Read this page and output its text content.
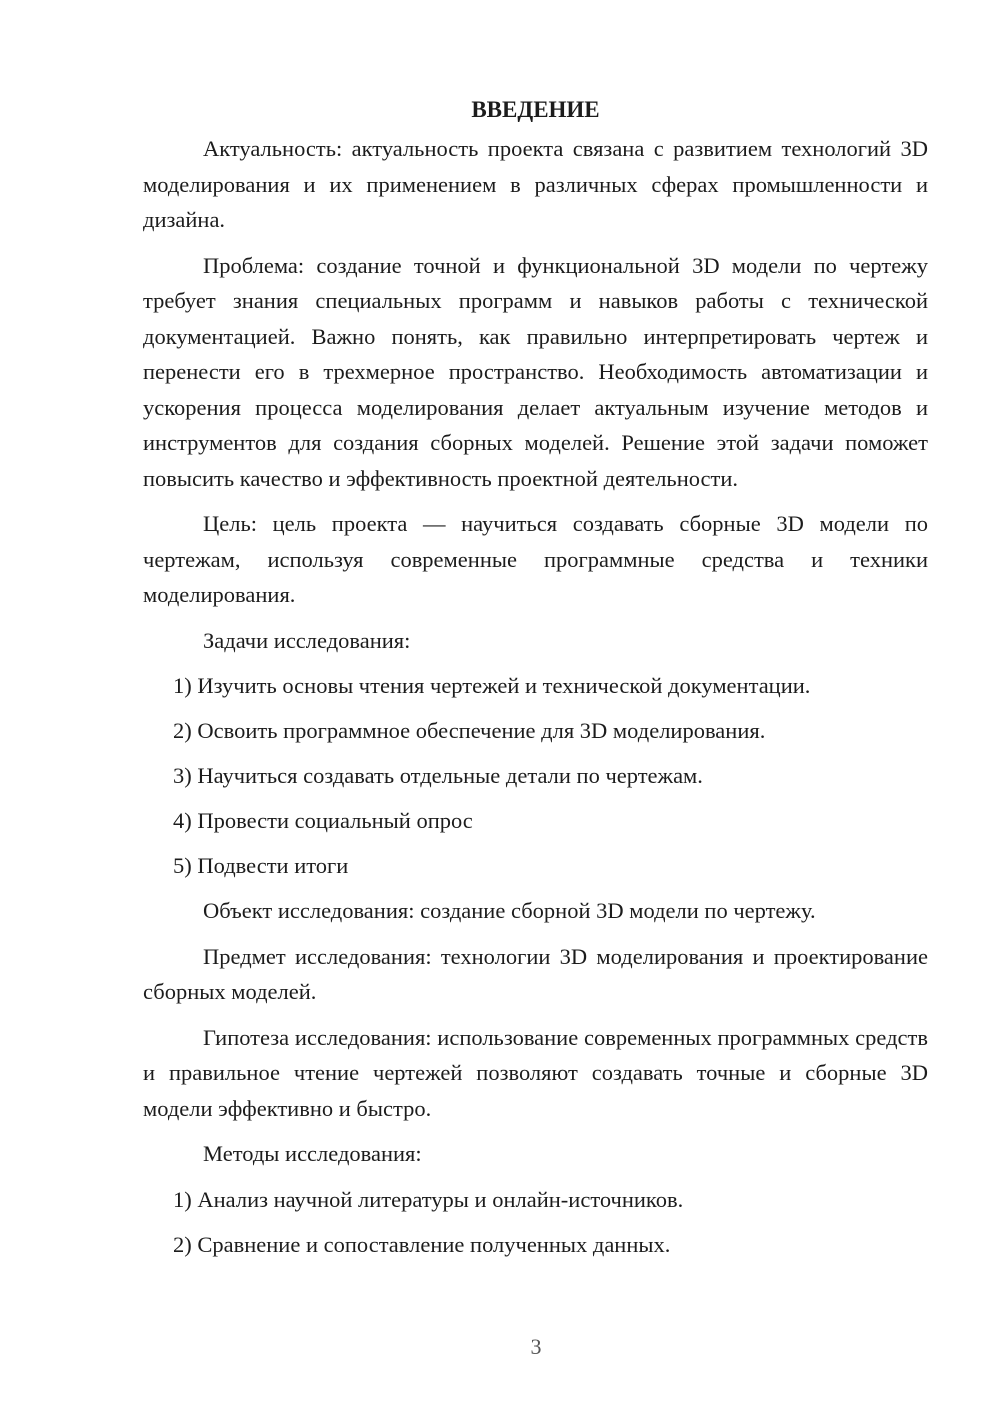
ВВЕДЕНИЕ

Актуальность: актуальность проекта связана с развитием технологий 3D моделирования и их применением в различных сферах промышленности и дизайна.

Проблема: создание точной и функциональной 3D модели по чертежу требует знания специальных программ и навыков работы с технической документацией. Важно понять, как правильно интерпретировать чертеж и перенести его в трехмерное пространство. Необходимость автоматизации и ускорения процесса моделирования делает актуальным изучение методов и инструментов для создания сборных моделей. Решение этой задачи поможет повысить качество и эффективность проектной деятельности.

Цель: цель проекта — научиться создавать сборные 3D модели по чертежам, используя современные программные средства и техники моделирования.

Задачи исследования:

1) Изучить основы чтения чертежей и технической документации.

2) Освоить программное обеспечение для 3D моделирования.

3) Научиться создавать отдельные детали по чертежам.

4) Провести социальный опрос

5) Подвести итоги

Объект исследования: создание сборной 3D модели по чертежу.

Предмет исследования: технологии 3D моделирования и проектирование сборных моделей.

Гипотеза исследования: использование современных программных средств и правильное чтение чертежей позволяют создавать точные и сборные 3D модели эффективно и быстро.

Методы исследования:

1) Анализ научной литературы и онлайн-источников.

2) Сравнение и сопоставление полученных данных.

3
